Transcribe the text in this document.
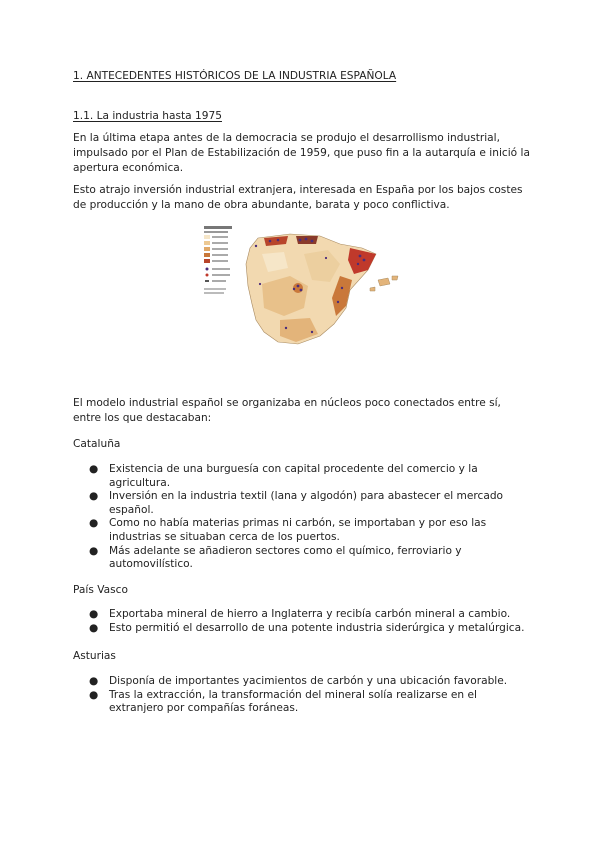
1. ANTECEDENTES HISTÓRICOS DE LA INDUSTRIA ESPAÑOLA
1.1. La industria hasta 1975
En la última etapa antes de la democracia se produjo el desarrollismo industrial,
impulsado por el Plan de Estabilización de 1959, que puso fin a la autarquía e inició la
apertura económica.
Esto atrajo inversión industrial extranjera, interesada en España por los bajos costes
de producción y la mano de obra abundante, barata y poco conflictiva.
El modelo industrial español se organizaba en núcleos poco conectados entre sí,
entre los que destacaban:
Cataluña
● Existencia de una burguesía con capital procedente del comercio y la
agricultura.
● Inversión en la industria textil (lana y algodón) para abastecer el mercado
español.
● Como no había materias primas ni carbón, se importaban y por eso las
industrias se situaban cerca de los puertos.
● Más adelante se añadieron sectores como el químico, ferroviario y
automovilístico.
País Vasco
● Exportaba mineral de hierro a Inglaterra y recibía carbón mineral a cambio.
● Esto permitió el desarrollo de una potente industria siderúrgica y metalúrgica.
Asturias
● Disponía de importantes yacimientos de carbón y una ubicación favorable.
● Tras la extracción, la transformación del mineral solía realizarse en el
extranjero por compañías foráneas.
